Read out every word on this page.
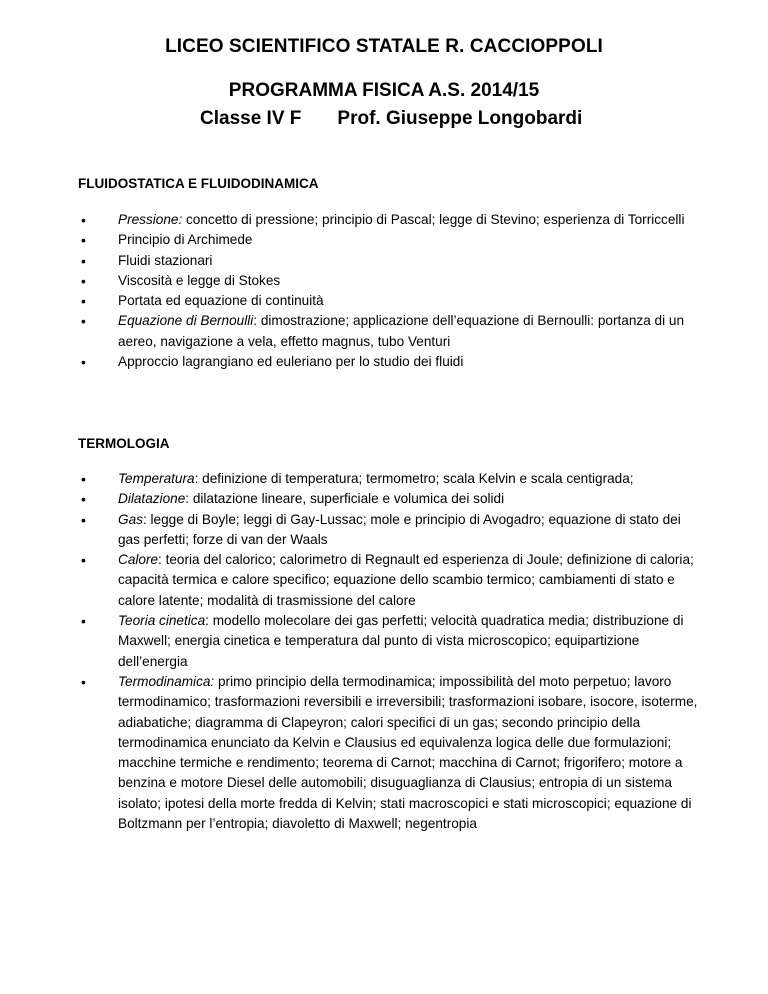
LICEO SCIENTIFICO STATALE R. CACCIOPPOLI
PROGRAMMA FISICA A.S. 2014/15
Classe IV F Prof. Giuseppe Longobardi
FLUIDOSTATICA E FLUIDODINAMICA
• Pressione: concetto di pressione; principio di Pascal; legge di Stevino; esperienza di Torriccelli
• Principio di Archimede
• Fluidi stazionari
• Viscosità e legge di Stokes
• Portata ed equazione di continuità
• Equazione di Bernoulli: dimostrazione; applicazione dell’equazione di Bernoulli: portanza di un aereo, navigazione a vela, effetto magnus, tubo Venturi
• Approccio lagrangiano ed euleriano per lo studio dei fluidi
TERMOLOGIA
• Temperatura: definizione di temperatura; termometro; scala Kelvin e scala centigrada;
• Dilatazione: dilatazione lineare, superficiale e volumica dei solidi
• Gas: legge di Boyle; leggi di Gay-Lussac; mole e principio di Avogadro; equazione di stato dei gas perfetti; forze di van der Waals
• Calore: teoria del calorico; calorimetro di Regnault ed esperienza di Joule; definizione di caloria; capacità termica e calore specifico; equazione dello scambio termico; cambiamenti di stato e calore latente; modalità di trasmissione del calore
• Teoria cinetica: modello molecolare dei gas perfetti; velocità quadratica media; distribuzione di Maxwell; energia cinetica e temperatura dal punto di vista microscopico; equipartizione dell’energia
• Termodinamica: primo principio della termodinamica; impossibilità del moto perpetuo; lavoro termodinamico; trasformazioni reversibili e irreversibili; trasformazioni isobare, isocore, isoterme, adiabatiche; diagramma di Clapeyron; calori specifici di un gas; secondo principio della termodinamica enunciato da Kelvin e Clausius ed equivalenza logica delle due formulazioni; macchine termiche e rendimento; teorema di Carnot; macchina di Carnot; frigorifero; motore a benzina e motore Diesel delle automobili; disuguaglianza di Clausius; entropia di un sistema isolato; ipotesi della morte fredda di Kelvin; stati macroscopici e stati microscopici; equazione di Boltzmann per l’entropia; diavoletto di Maxwell; negentropia
